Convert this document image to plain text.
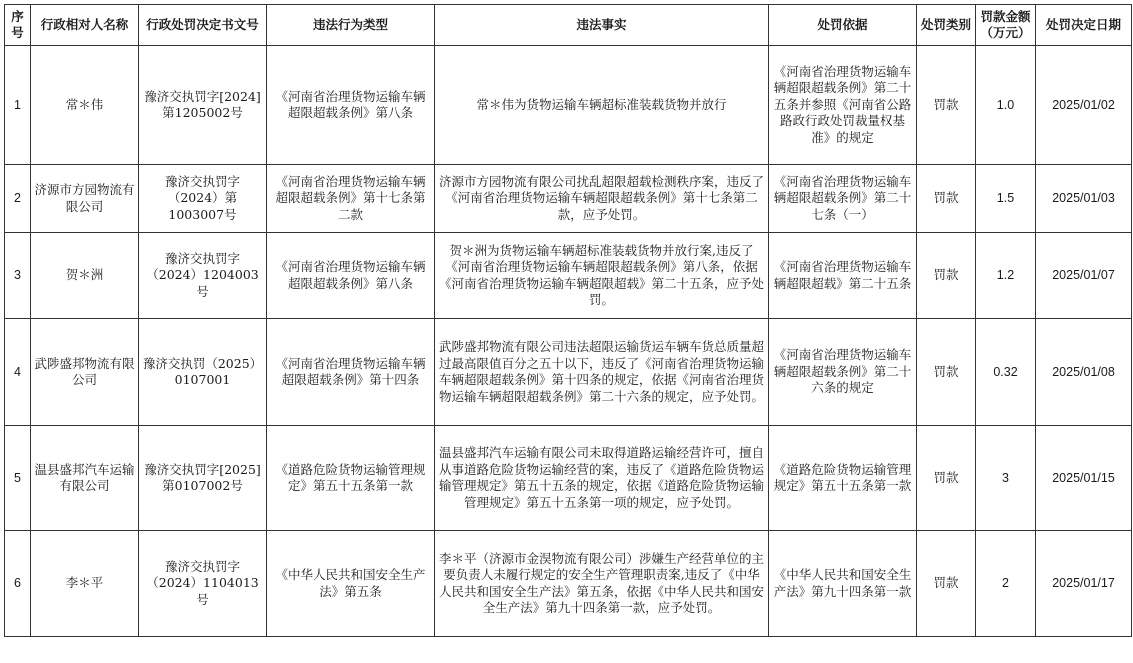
序号	行政相对人名称	行政处罚决定书文号	违法行为类型	违法事实	处罚依据	处罚类别	罚款金额（万元）	处罚决定日期
1	常＊伟	豫济交执罚字[2024]第1205002号	《河南省治理货物运输车辆超限超载条例》第八条	常＊伟为货物运输车辆超标准装载货物并放行	《河南省治理货物运输车辆超限超载条例》第二十五条并参照《河南省公路路政行政处罚裁量权基准》的规定	罚款	1.0	2025/01/02
2	济源市方园物流有限公司	豫济交执罚字（2024）第1003007号	《河南省治理货物运输车辆超限超载条例》第十七条第二款	济源市方园物流有限公司扰乱超限超载检测秩序案，违反了《河南省治理货物运输车辆超限超载条例》第十七条第二款，应予处罚。	《河南省治理货物运输车辆超限超载条例》第二十七条（一）	罚款	1.5	2025/01/03
3	贺＊洲	豫济交执罚字（2024）1204003号	《河南省治理货物运输车辆超限超载条例》第八条	贺＊洲为货物运输车辆超标准装载货物并放行案,违反了《河南省治理货物运输车辆超限超载条例》第八条，依据《河南省治理货物运输车辆超限超载》第二十五条，应予处罚。	《河南省治理货物运输车辆超限超载》第二十五条	罚款	1.2	2025/01/07
4	武陟盛邦物流有限公司	豫济交执罚（2025）0107001	《河南省治理货物运输车辆超限超载条例》第十四条	武陟盛邦物流有限公司违法超限运输货运车辆车货总质量超过最高限值百分之五十以下，违反了《河南省治理货物运输车辆超限超载条例》第十四条的规定，依据《河南省治理货物运输车辆超限超载条例》第二十六条的规定，应予处罚。	《河南省治理货物运输车辆超限超载条例》第二十六条的规定	罚款	0.32	2025/01/08
5	温县盛邦汽车运输有限公司	豫济交执罚字[2025]第0107002号	《道路危险货物运输管理规定》第五十五条第一款	温县盛邦汽车运输有限公司未取得道路运输经营许可，擅自从事道路危险货物运输经营的案，违反了《道路危险货物运输管理规定》第五十五条的规定，依据《道路危险货物运输管理规定》第五十五条第一项的规定，应予处罚。	《道路危险货物运输管理规定》第五十五条第一款	罚款	3	2025/01/15
6	李＊平	豫济交执罚字（2024）1104013号	《中华人民共和国安全生产法》第五条	李＊平（济源市金淏物流有限公司）涉嫌生产经营单位的主要负责人未履行规定的安全生产管理职责案,违反了《中华人民共和国安全生产法》第五条，依据《中华人民共和国安全生产法》第九十四条第一款，应予处罚。	《中华人民共和国安全生产法》第九十四条第一款	罚款	2	2025/01/17
